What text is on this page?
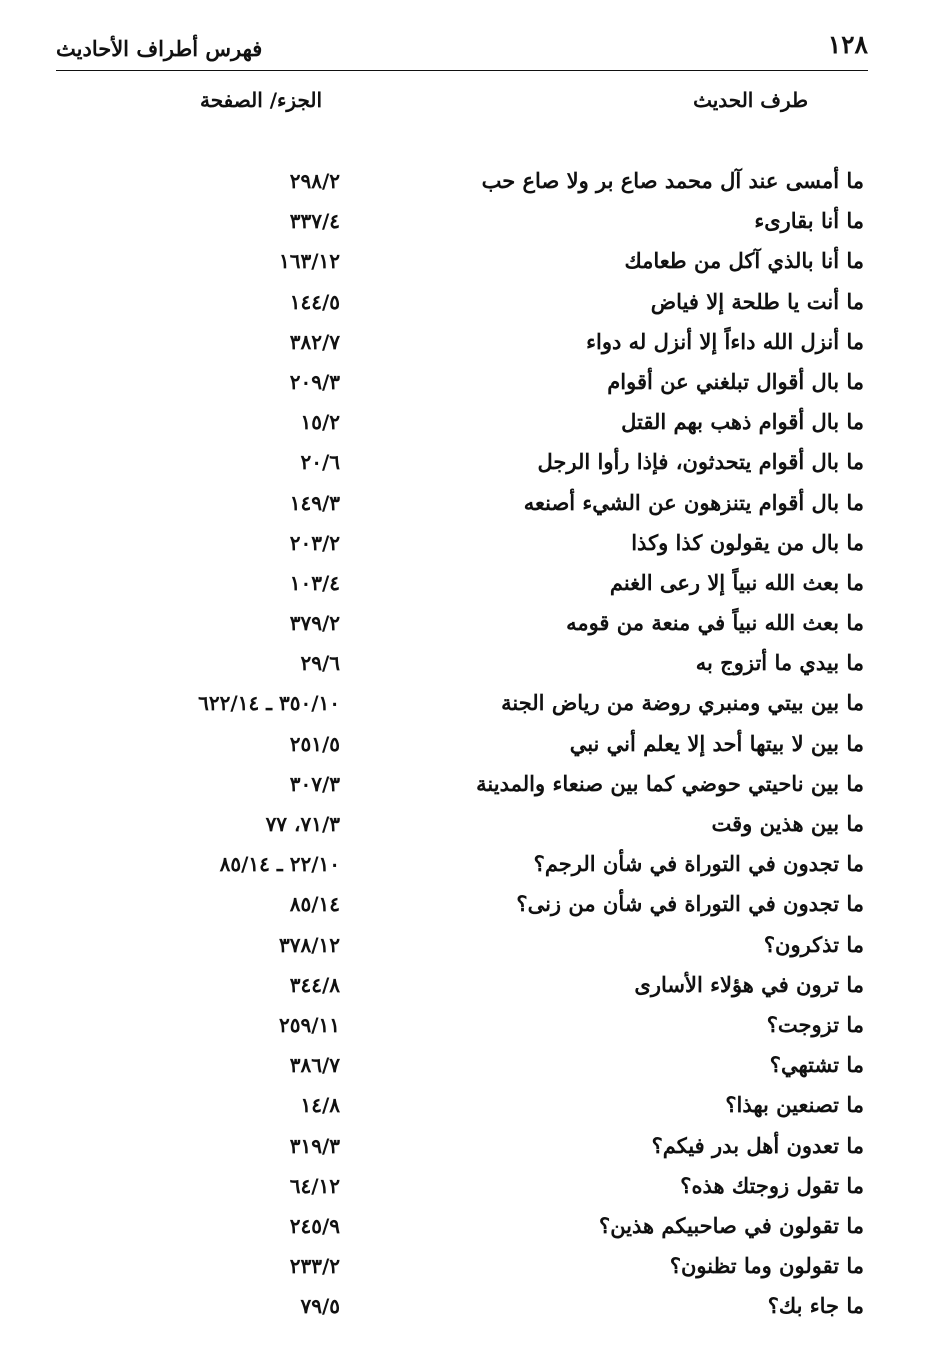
١٢٨
فهرس أطراف الأحاديث
طرف الحديث
الجزء/ الصفحة
ما أمسى عند آل محمد صاع بر ولا صاع حب
٢٩٨/٢
ما أنا بقارىء
٣٣٧/٤
ما أنا بالذي آكل من طعامك
١٦٣/١٢
ما أنت يا طلحة إلا فياض
١٤٤/٥
ما أنزل الله داءاً إلا أنزل له دواء
٣٨٢/٧
ما بال أقوال تبلغني عن أقوام
٢٠٩/٣
ما بال أقوام ذهب بهم القتل
١٥/٢
ما بال أقوام يتحدثون، فإذا رأوا الرجل
٢٠/٦
ما بال أقوام يتنزهون عن الشيء أصنعه
١٤٩/٣
ما بال من يقولون كذا وكذا
٢٠٣/٢
ما بعث الله نبياً إلا رعى الغنم
١٠٣/٤
ما بعث الله نبياً في منعة من قومه
٣٧٩/٢
ما بيدي ما أتزوج به
٢٩/٦
ما بين بيتي ومنبري روضة من رياض الجنة
٣٥٠/١٠ ـ ٦٢٢/١٤
ما بين لا بيتها أحد إلا يعلم أني نبي
٢٥١/٥
ما بين ناحيتي حوضي كما بين صنعاء والمدينة
٣٠٧/٣
ما بين هذين وقت
٧١/٣، ٧٧
ما تجدون في التوراة في شأن الرجم؟
٢٢/١٠ ـ ٨٥/١٤
ما تجدون في التوراة في شأن من زنى؟
٨٥/١٤
ما تذكرون؟
٣٧٨/١٢
ما ترون في هؤلاء الأسارى
٣٤٤/٨
ما تزوجت؟
٢٥٩/١١
ما تشتهي؟
٣٨٦/٧
ما تصنعين بهذا؟
١٤/٨
ما تعدون أهل بدر فيكم؟
٣١٩/٣
ما تقول زوجتك هذه؟
٦٤/١٢
ما تقولون في صاحبيكم هذين؟
٢٤٥/٩
ما تقولون وما تظنون؟
٢٣٣/٢
ما جاء بك؟
٧٩/٥
